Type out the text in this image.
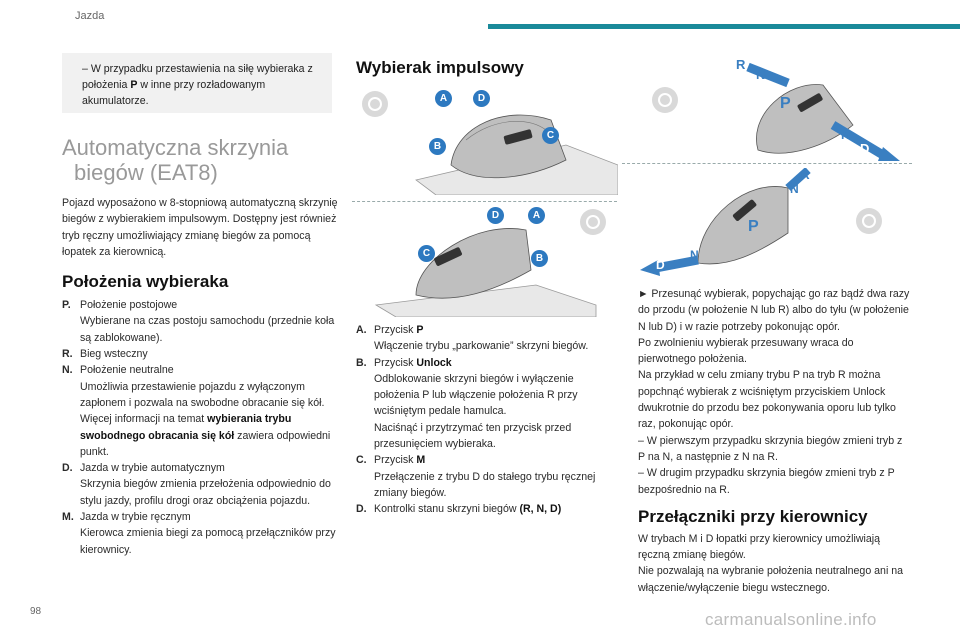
Jazda
– W przypadku przestawienia na siłę wybieraka z położenia P w inne przy rozładowanym akumulatorze.
Automatyczna skrzynia
biegów (EAT8)
Pojazd wyposażono w 8-stopniową automatyczną skrzynię biegów z wybierakiem impulsowym. Dostępny jest również tryb ręczny umożliwiający zmianę biegów za pomocą łopatek za kierownicą.
Położenia wybieraka
P. Położenie postojowe
Wybierane na czas postoju samochodu (przednie koła są zablokowane).
R. Bieg wsteczny
N. Położenie neutralne
Umożliwia przestawienie pojazdu z wyłączonym zapłonem i pozwala na swobodne obracanie się kół.
Więcej informacji na temat wybierania trybu swobodnego obracania się kół zawiera odpowiedni punkt.
D. Jazda w trybie automatycznym
Skrzynia biegów zmienia przełożenia odpowiednio do stylu jazdy, profilu drogi oraz obciążenia pojazdu.
M. Jazda w trybie ręcznym
Kierowca zmienia biegi za pomocą przełączników przy kierownicy.
Wybierak impulsowy
A	D
C
B
D	A
C	B
A. Przycisk P
Włączenie trybu „parkowanie” skrzyni biegów.
B. Przycisk Unlock
Odblokowanie skrzyni biegów i wyłączenie położenia P lub włączenie położenia R przy wciśniętym pedale hamulca.
Naciśnąć i przytrzymać ten przycisk przed przesunięciem wybieraka.
C. Przycisk M
Przełączenie z trybu D do stałego trybu ręcznej zmiany biegów.
D. Kontrolki stanu skrzyni biegów (R, N, D)
R
N
P
N
D
R
N
P
N
D
► Przesunąć wybierak, popychając go raz bądź dwa razy do przodu (w położenie N lub R) albo do tyłu (w położenie N lub D) i w razie potrzeby pokonując opór.
Po zwolnieniu wybierak przesuwany wraca do pierwotnego położenia.
Na przykład w celu zmiany trybu P na tryb R można popchnąć wybierak z wciśniętym przyciskiem Unlock dwukrotnie do przodu bez pokonywania oporu lub tylko raz, pokonując opór.
– W pierwszym przypadku skrzynia biegów zmieni tryb z P na N, a następnie z N na R.
– W drugim przypadku skrzynia biegów zmieni tryb z P bezpośrednio na R.
Przełączniki przy kierownicy
W trybach M i D łopatki przy kierownicy umożliwiają ręczną zmianę biegów.
Nie pozwalają na wybranie położenia neutralnego ani na włączenie/wyłączenie biegu wstecznego.
98	carmanualsonline.info
